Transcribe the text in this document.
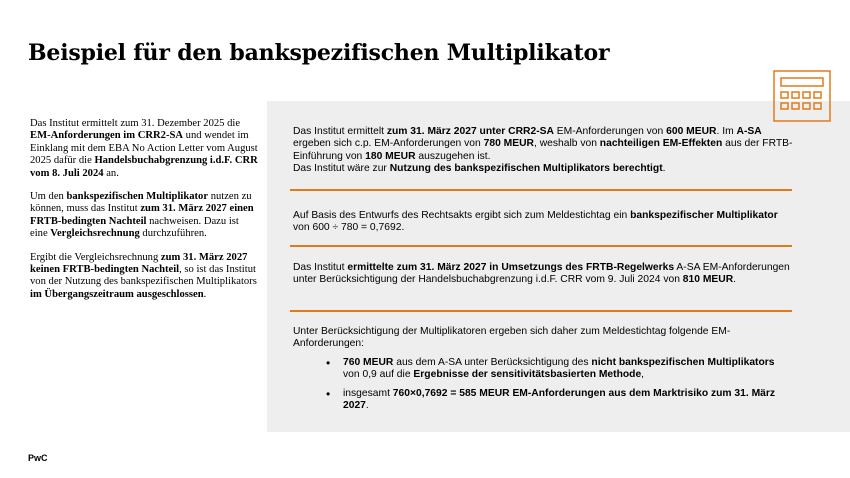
Beispiel für den bankspezifischen Multiplikator

Das Institut ermittelt zum 31. Dezember 2025 die EM-Anforderungen im CRR2-SA und wendet im Einklang mit dem EBA No Action Letter vom August 2025 dafür die Handelsbuchabgrenzung i.d.F. CRR vom 8. Juli 2024 an.

Um den bankspezifischen Multiplikator nutzen zu können, muss das Institut zum 31. März 2027 einen FRTB-bedingten Nachteil nachweisen. Dazu ist eine Vergleichsrechnung durchzuführen.

Ergibt die Vergleichsrechnung zum 31. März 2027 keinen FRTB-bedingten Nachteil, so ist das Institut von der Nutzung des bankspezifischen Multiplikators im Übergangszeitraum ausgeschlossen.

Das Institut ermittelt zum 31. März 2027 unter CRR2-SA EM-Anforderungen von 600 MEUR. Im A-SA ergeben sich c.p. EM-Anforderungen von 780 MEUR, weshalb von nachteiligen EM-Effekten aus der FRTB-Einführung von 180 MEUR auszugehen ist.

Das Institut wäre zur Nutzung des bankspezifischen Multiplikators berechtigt.

Auf Basis des Entwurfs des Rechtsakts ergibt sich zum Meldestichtag ein bankspezifischer Multiplikator von 600 ÷ 780 = 0,7692.

Das Institut ermittelte zum 31. März 2027 in Umsetzungs des FRTB-Regelwerks A-SA EM-Anforderungen unter Berücksichtigung der Handelsbuchabgrenzung i.d.F. CRR vom 9. Juli 2024 von 810 MEUR.

Unter Berücksichtigung der Multiplikatoren ergeben sich daher zum Meldestichtag folgende EM-Anforderungen:

• 760 MEUR aus dem A-SA unter Berücksichtigung des nicht bankspezifischen Multiplikators von 0,9 auf die Ergebnisse der sensitivitätsbasierten Methode,
• insgesamt 760×0,7692 = 585 MEUR EM-Anforderungen aus dem Marktrisiko zum 31. März 2027.
PwC
